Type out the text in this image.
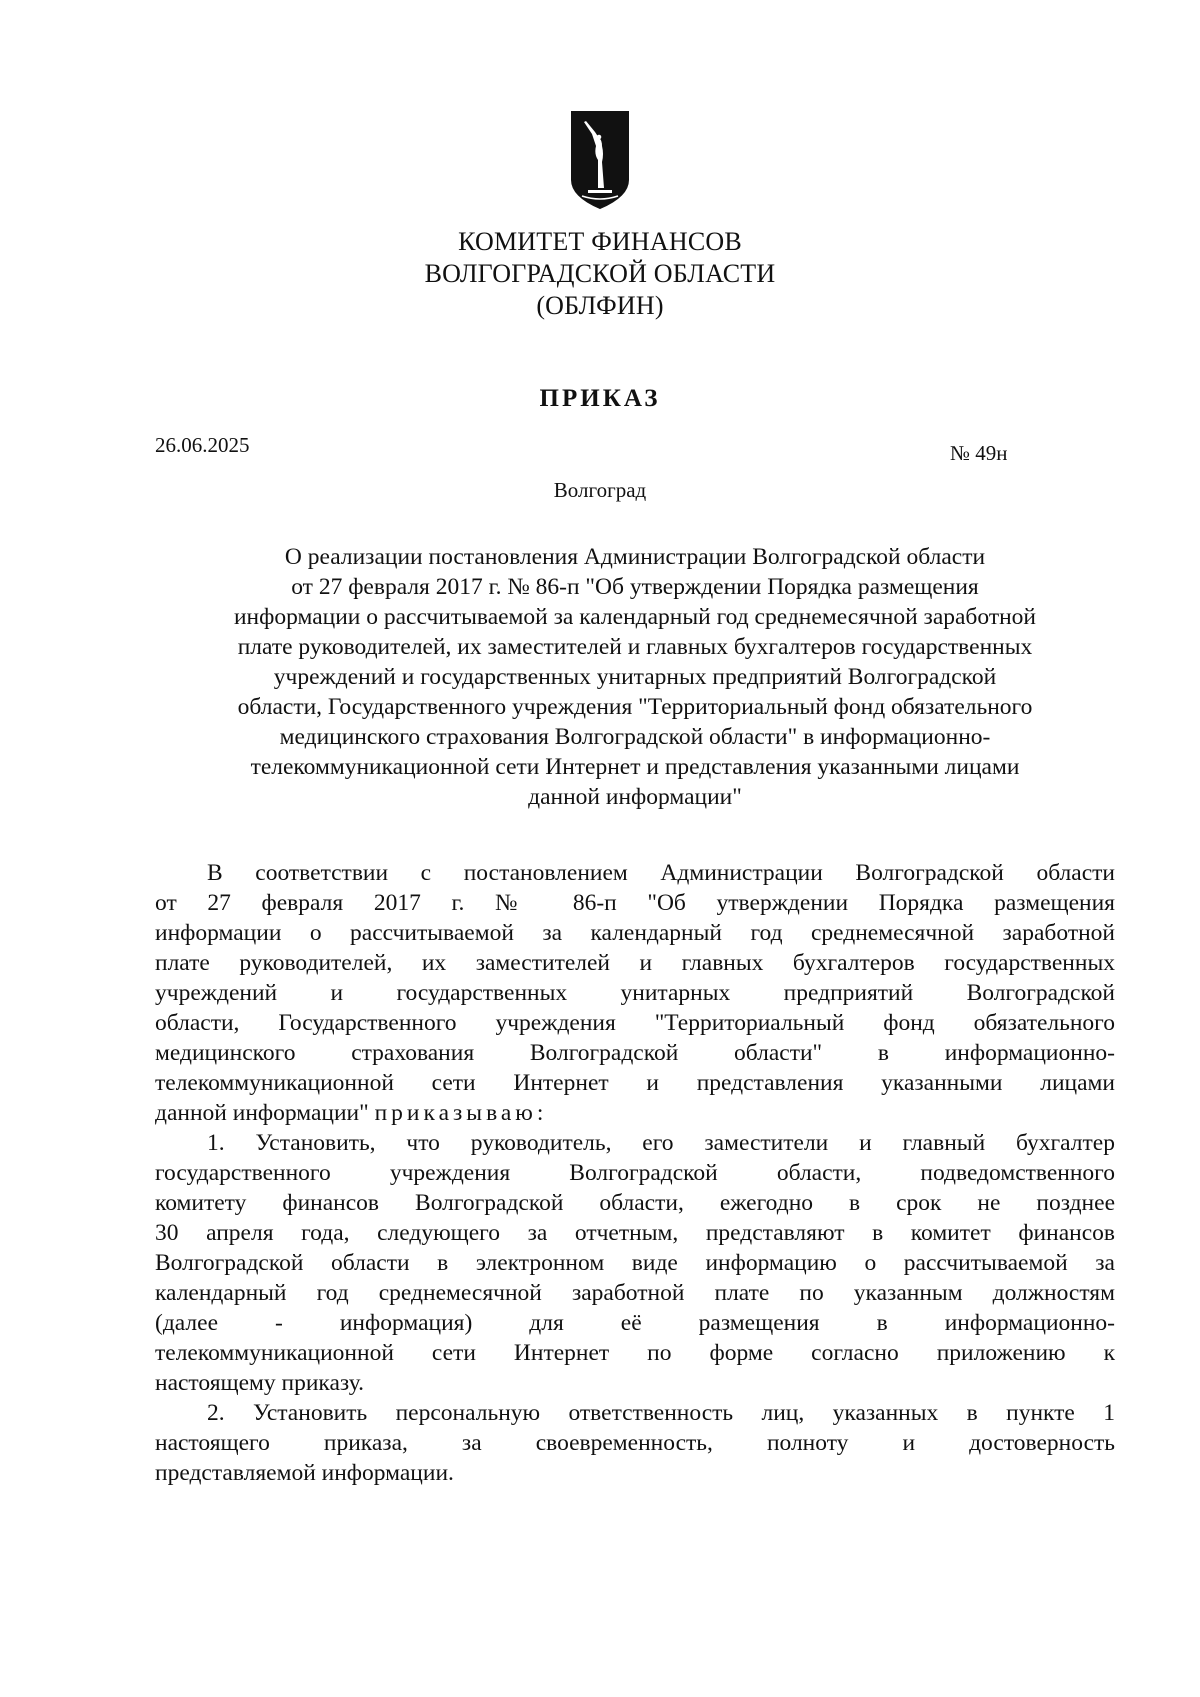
КОМИТЕТ ФИНАНСОВ
ВОЛГОГРАДСКОЙ ОБЛАСТИ
(ОБЛФИН)
ПРИКАЗ
26.06.2025	№ 49н
Волгоград
О реализации постановления Администрации Волгоградской области
от 27 февраля 2017 г. № 86-п "Об утверждении Порядка размещения
информации о рассчитываемой за календарный год среднемесячной заработной
плате руководителей, их заместителей и главных бухгалтеров государственных
учреждений и государственных унитарных предприятий Волгоградской
области, Государственного учреждения "Территориальный фонд обязательного
медицинского страхования Волгоградской области" в информационно-
телекоммуникационной сети Интернет и представления указанными лицами
данной информации"
В соответствии с постановлением Администрации Волгоградской области
от 27 февраля 2017 г. № 86-п "Об утверждении Порядка размещения
информации о рассчитываемой за календарный год среднемесячной заработной
плате руководителей, их заместителей и главных бухгалтеров государственных
учреждений и государственных унитарных предприятий Волгоградской
области, Государственного учреждения "Территориальный фонд обязательного
медицинского страхования Волгоградской области" в информационно-
телекоммуникационной сети Интернет и представления указанными лицами
данной информации" приказываю:
1. Установить, что руководитель, его заместители и главный бухгалтер
государственного учреждения Волгоградской области, подведомственного
комитету финансов Волгоградской области, ежегодно в срок не позднее
30 апреля года, следующего за отчетным, представляют в комитет финансов
Волгоградской области в электронном виде информацию о рассчитываемой за
календарный год среднемесячной заработной плате по указанным должностям
(далее - информация) для её размещения в информационно-
телекоммуникационной сети Интернет по форме согласно приложению к
настоящему приказу.
2. Установить персональную ответственность лиц, указанных в пункте 1
настоящего приказа, за своевременность, полноту и достоверность
представляемой информации.
